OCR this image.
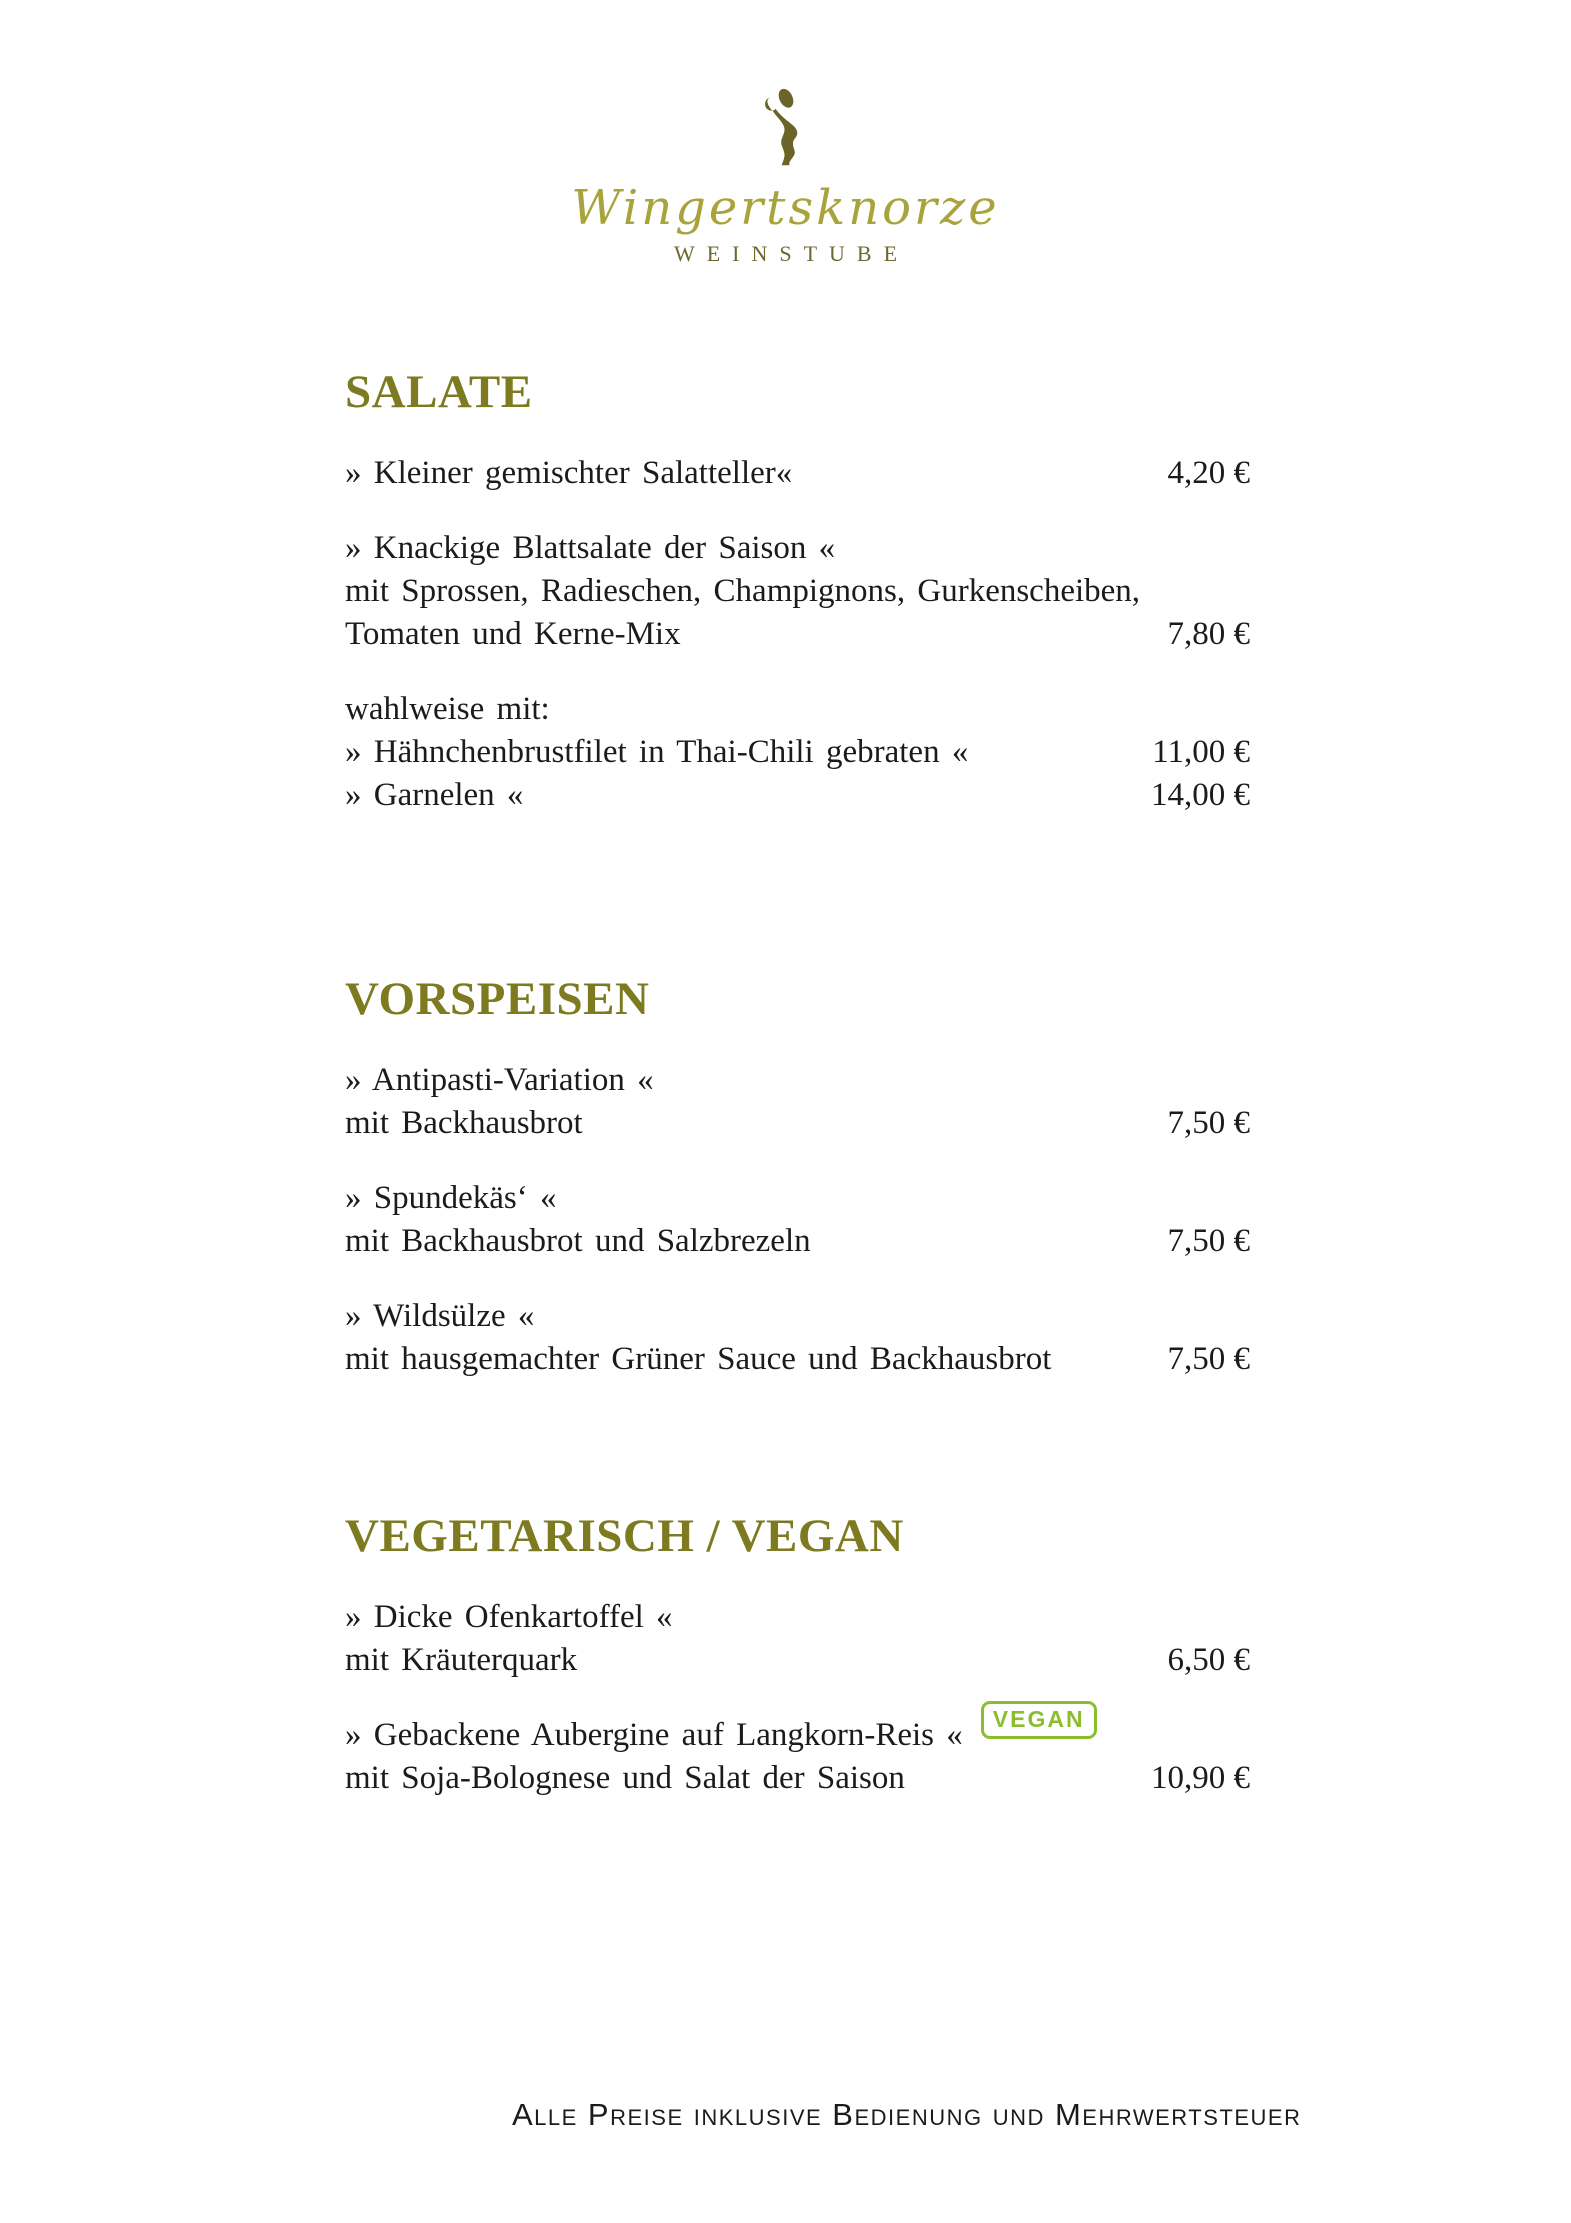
Wingertsknorze
WEINSTUBE
SALATE
» Kleiner gemischter Salatteller«	4,20 €
» Knackige Blattsalate der Saison «
mit Sprossen, Radieschen, Champignons, Gurkenscheiben,
Tomaten und Kerne-Mix	7,80 €
wahlweise mit:
» Hähnchenbrustfilet in Thai-Chili gebraten «	11,00 €
» Garnelen «	14,00 €
VORSPEISEN
» Antipasti-Variation «
mit Backhausbrot	7,50 €
» Spundekäs‘ «
mit Backhausbrot und Salzbrezeln	7,50 €
» Wildsülze «
mit hausgemachter Grüner Sauce und Backhausbrot	7,50 €
VEGETARISCH / VEGAN
» Dicke Ofenkartoffel «
mit Kräuterquark	6,50 €
» Gebackene Aubergine auf Langkorn-Reis «	VEGAN
mit Soja-Bolognese und Salat der Saison	10,90 €
Alle Preise inklusive Bedienung und Mehrwertsteuer
